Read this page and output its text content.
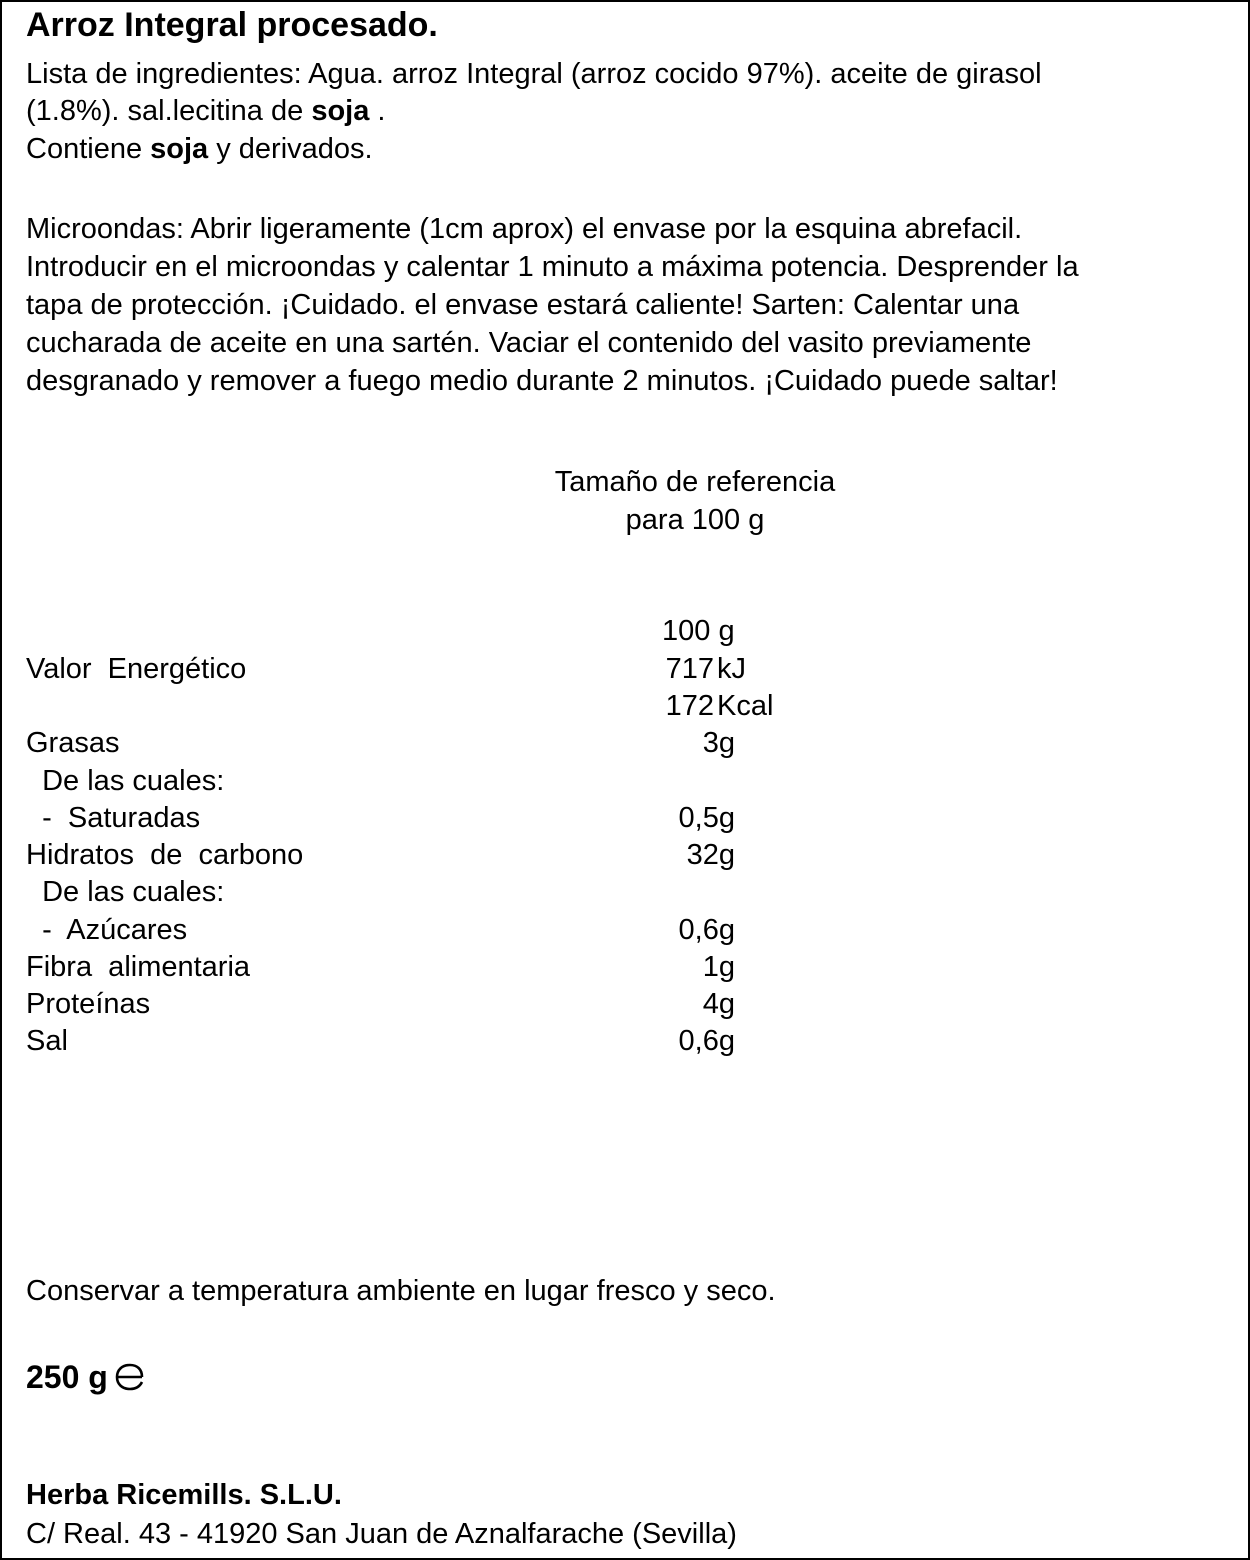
Arroz Integral procesado.
Lista de ingredientes: Agua. arroz Integral (arroz cocido 97%). aceite de girasol
(1.8%). sal.lecitina de soja .
Contiene soja y derivados.
Microondas: Abrir ligeramente (1cm aprox) el envase por la esquina abrefacil.
Introducir en el microondas y calentar 1 minuto a máxima potencia. Desprender la
tapa de protección. ¡Cuidado. el envase estará caliente! Sarten: Calentar una
cucharada de aceite en una sartén. Vaciar el contenido del vasito previamente
desgranado y remover a fuego medio durante 2 minutos. ¡Cuidado puede saltar!
Tamaño de referencia
para 100 g
100 g
Valor  Energético	717 kJ
172 Kcal
Grasas	3g
De las cuales:
-  Saturadas	0,5g
Hidratos  de  carbono	32g
De las cuales:
-  Azúcares	0,6g
Fibra  alimentaria	1g
Proteínas	4g
Sal	0,6g
Conservar a temperatura ambiente en lugar fresco y seco.
250 g
Herba Ricemills. S.L.U.
C/ Real. 43 - 41920 San Juan de Aznalfarache (Sevilla)
